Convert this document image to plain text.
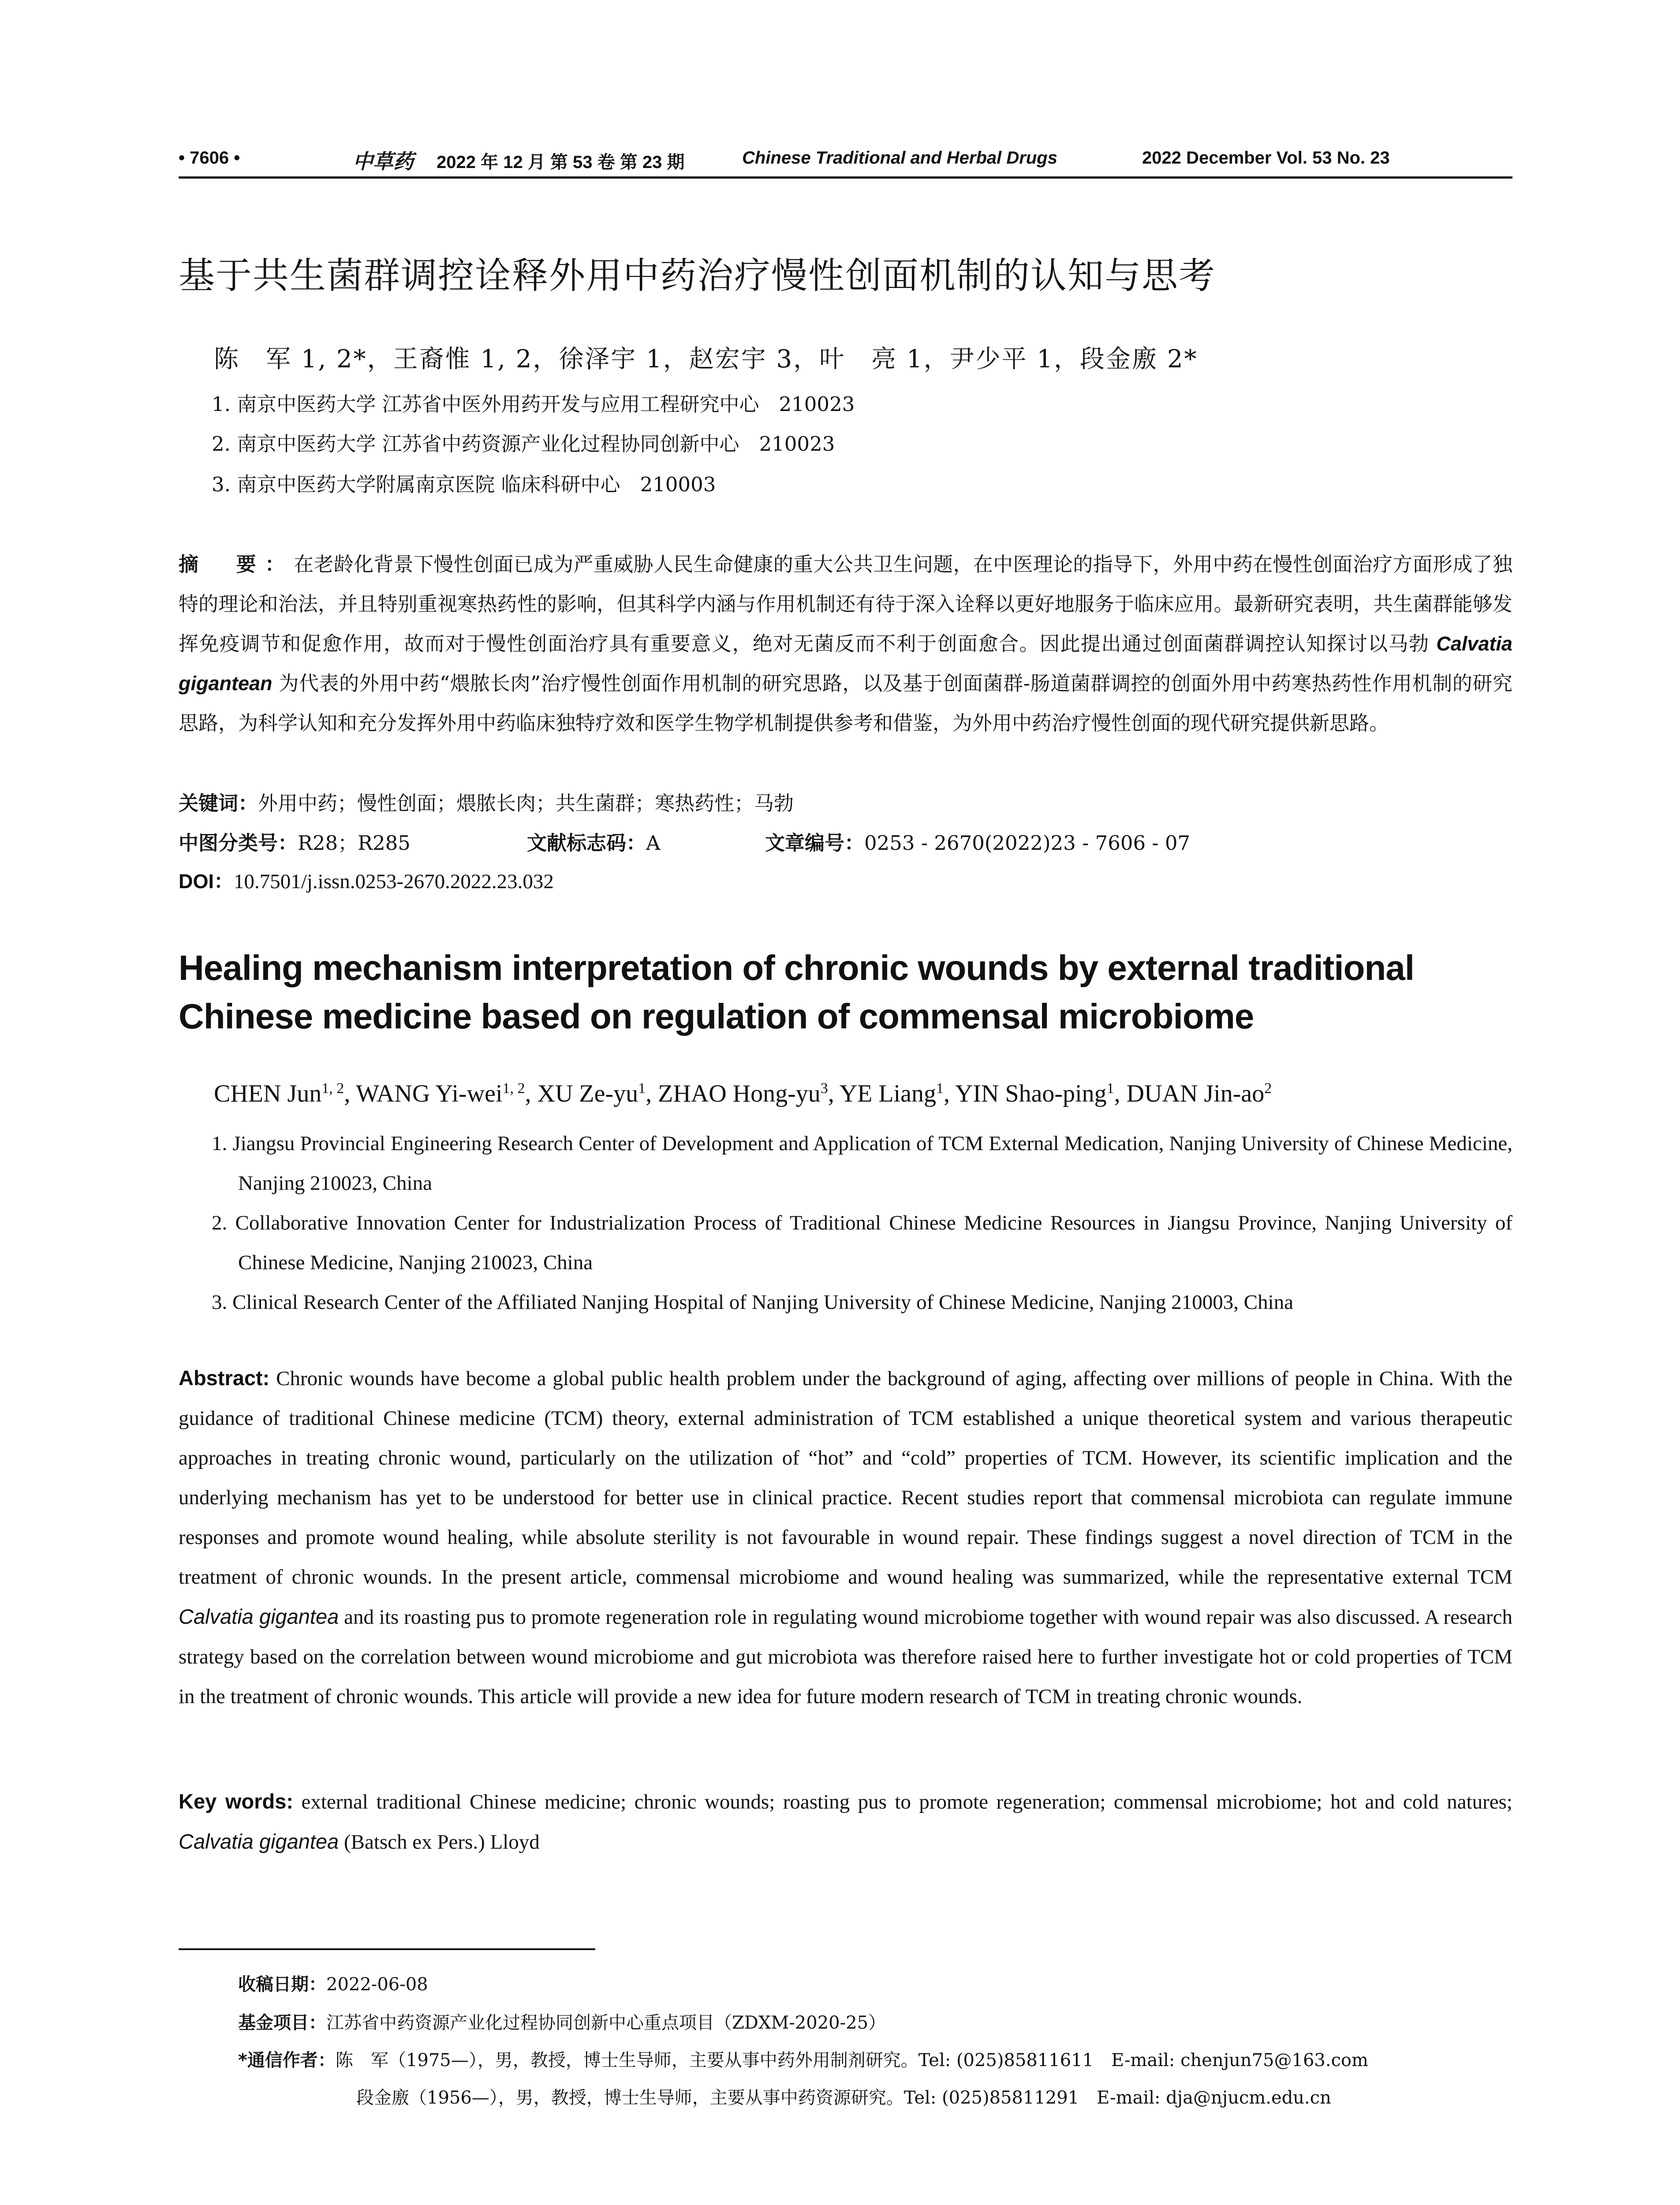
• 7606 •	中草药 2022 年 12 月 第 53 卷 第 23 期	Chinese Traditional and Herbal Drugs	2022 December Vol. 53 No. 23
基于共生菌群调控诠释外用中药治疗慢性创面机制的认知与思考
陈　军 1, 2*，王裔惟 1, 2，徐泽宇 1，赵宏宇 3，叶　亮 1，尹少平 1，段金廒 2*
1. 南京中医药大学 江苏省中医外用药开发与应用工程研究中心　210023
2. 南京中医药大学 江苏省中药资源产业化过程协同创新中心　210023
3. 南京中医药大学附属南京医院 临床科研中心　210003
摘　要：在老龄化背景下慢性创面已成为严重威胁人民生命健康的重大公共卫生问题，在中医理论的指导下，外用中药在慢性创面治疗方面形成了独特的理论和治法，并且特别重视寒热药性的影响，但其科学内涵与作用机制还有待于深入诠释以更好地服务于临床应用。最新研究表明，共生菌群能够发挥免疫调节和促愈作用，故而对于慢性创面治疗具有重要意义，绝对无菌反而不利于创面愈合。因此提出通过创面菌群调控认知探讨以马勃 Calvatia gigantean 为代表的外用中药“煨脓长肉”治疗慢性创面作用机制的研究思路，以及基于创面菌群-肠道菌群调控的创面外用中药寒热药性作用机制的研究思路，为科学认知和充分发挥外用中药临床独特疗效和医学生物学机制提供参考和借鉴，为外用中药治疗慢性创面的现代研究提供新思路。
关键词：外用中药；慢性创面；煨脓长肉；共生菌群；寒热药性；马勃
中图分类号：R28；R285	文献标志码：A	文章编号：0253 - 2670(2022)23 - 7606 - 07
DOI：10.7501/j.issn.0253-2670.2022.23.032
Healing mechanism interpretation of chronic wounds by external traditional Chinese medicine based on regulation of commensal microbiome
CHEN Jun$^{1, 2}$, WANG Yi-wei$^{1, 2}$, XU $Ze-yu^1$, ZHAO Hong-$yu^3$, YE Liang$^1$, YIN Shao-ping$^1$, DUAN Jin-$ao^2$
1. Jiangsu Provincial Engineering Research Center of Development and Application of TCM External Medication, Nanjing University of Chinese Medicine, Nanjing 210023, China
2. Collaborative Innovation Center for Industrialization Process of Traditional Chinese Medicine Resources in Jiangsu Province, Nanjing University of Chinese Medicine, Nanjing 210023, China
3. Clinical Research Center of the Affiliated Nanjing Hospital of Nanjing University of Chinese Medicine, Nanjing 210003, China
Abstract: Chronic wounds have become a global public health problem under the background of aging, affecting over millions of people in China. With the guidance of traditional Chinese medicine (TCM) theory, external administration of TCM established a unique theoretical system and various therapeutic approaches in treating chronic wound, particularly on the utilization of “hot” and “cold” properties of TCM. However, its scientific implication and the underlying mechanism has yet to be understood for better use in clinical practice. Recent studies report that commensal microbiota can regulate immune responses and promote wound healing, while absolute sterility is not favourable in wound repair. These findings suggest a novel direction of TCM in the treatment of chronic wounds. In the present article, commensal microbiome and wound healing was summarized, while the representative external TCM Calvatia gigantea and its roasting pus to promote regeneration role in regulating wound microbiome together with wound repair was also discussed. A research strategy based on the correlation between wound microbiome and gut microbiota was therefore raised here to further investigate hot or cold properties of TCM in the treatment of chronic wounds. This article will provide a new idea for future modern research of TCM in treating chronic wounds.
Key words: external traditional Chinese medicine; chronic wounds; roasting pus to promote regeneration; commensal microbiome; hot and cold natures; Calvatia gigantea (Batsch ex Pers.) Lloyd
收稿日期：2022-06-08
基金项目：江苏省中药资源产业化过程协同创新中心重点项目（ZDXM-2020-25）
*通信作者：陈　军（1975—），男，教授，博士生导师，主要从事中药外用制剂研究。Tel: (025)85811611　E-mail: chenjun75@163.com
段金廒（1956—），男，教授，博士生导师，主要从事中药资源研究。Tel: (025)85811291　E-mail: dja@njucm.edu.cn
